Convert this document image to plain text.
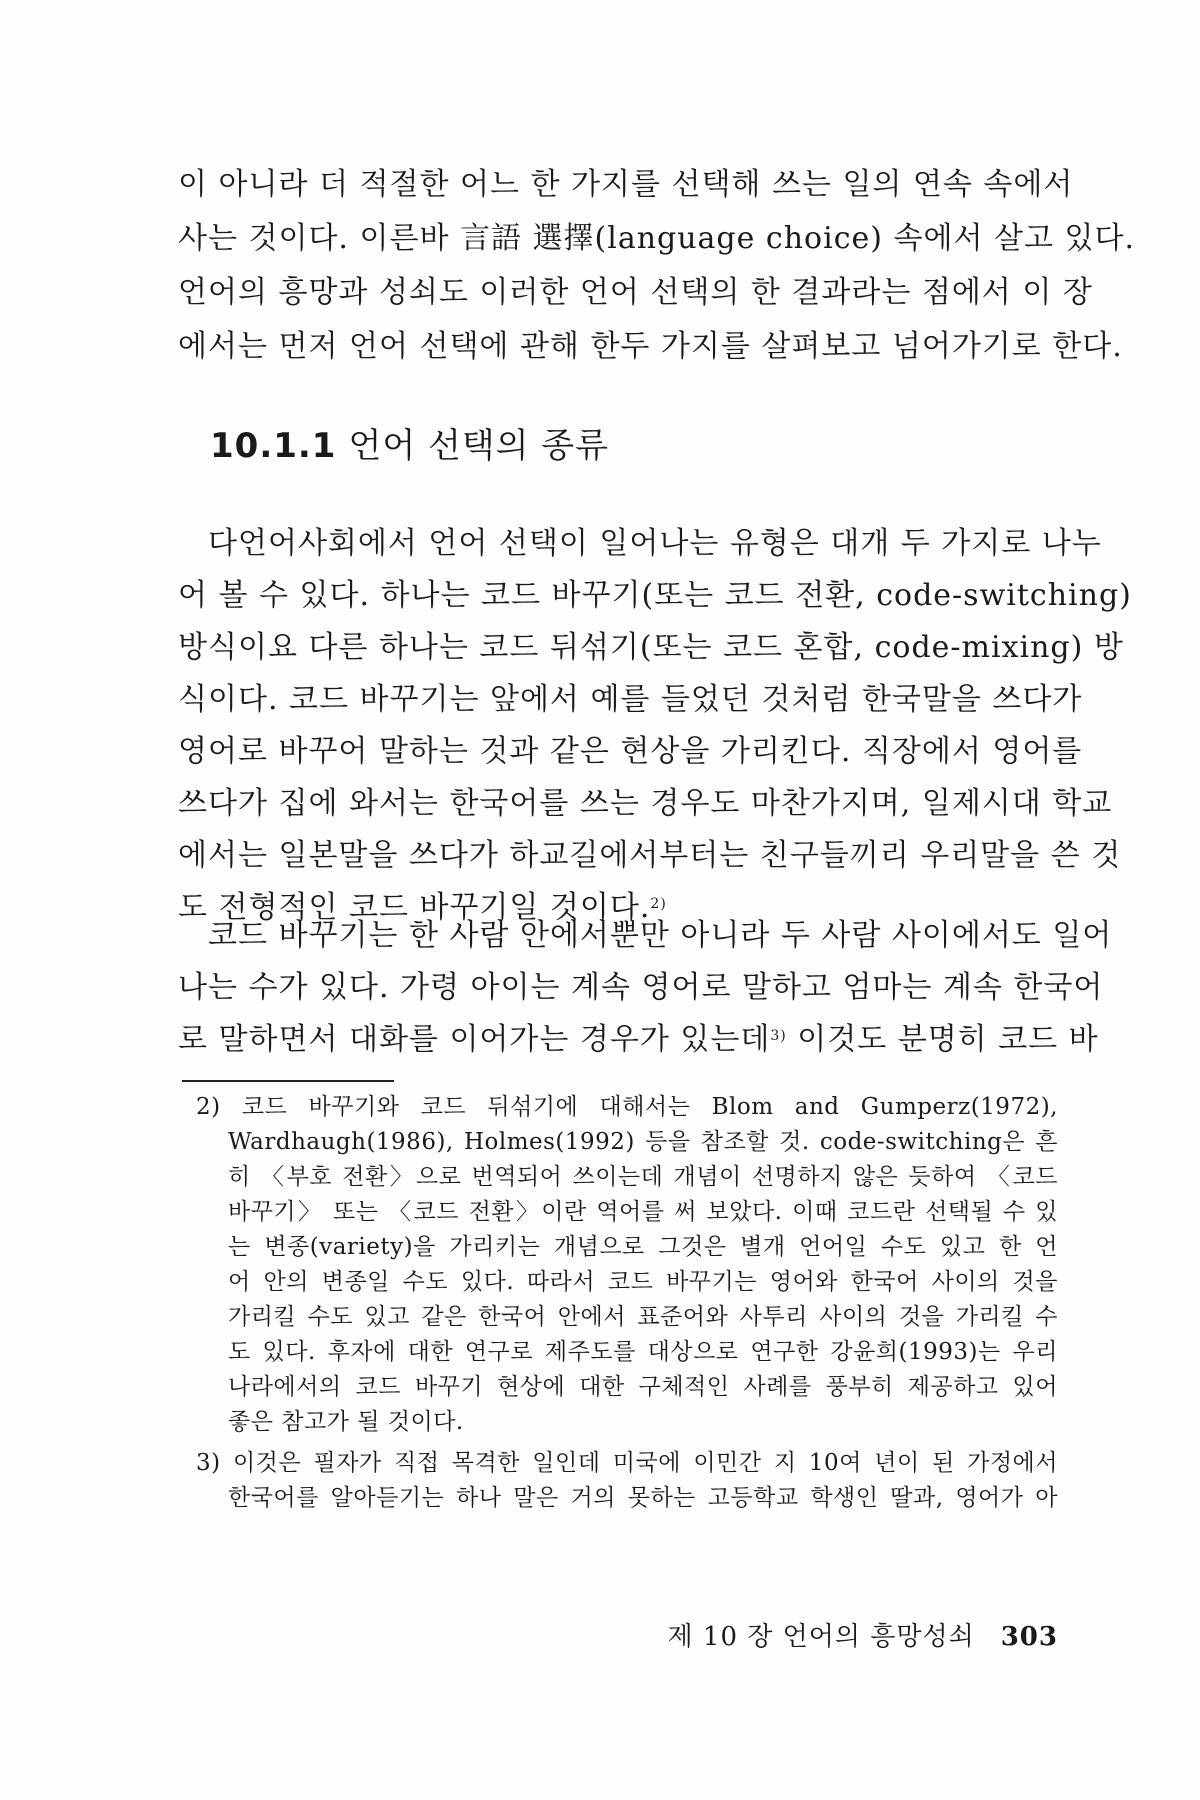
이 아니라 더 적절한 어느 한 가지를 선택해 쓰는 일의 연속 속에서
사는 것이다. 이른바 言語 選擇(language choice) 속에서 살고 있다.
언어의 흥망과 성쇠도 이러한 언어 선택의 한 결과라는 점에서 이 장
에서는 먼저 언어 선택에 관해 한두 가지를 살펴보고 넘어가기로 한다.
10.1.1 언어 선택의 종류
다언어사회에서 언어 선택이 일어나는 유형은 대개 두 가지로 나누
어 볼 수 있다. 하나는 코드 바꾸기(또는 코드 전환, code-switching)
방식이요 다른 하나는 코드 뒤섞기(또는 코드 혼합, code-mixing) 방
식이다. 코드 바꾸기는 앞에서 예를 들었던 것처럼 한국말을 쓰다가
영어로 바꾸어 말하는 것과 같은 현상을 가리킨다. 직장에서 영어를
쓰다가 집에 와서는 한국어를 쓰는 경우도 마찬가지며, 일제시대 학교
에서는 일본말을 쓰다가 하교길에서부터는 친구들끼리 우리말을 쓴 것
도 전형적인 코드 바꾸기일 것이다.$^{2)}$
코드 바꾸기는 한 사람 안에서뿐만 아니라 두 사람 사이에서도 일어
나는 수가 있다. 가령 아이는 계속 영어로 말하고 엄마는 계속 한국어
로 말하면서 대화를 이어가는 경우가 있는데$^{3)}$ 이것도 분명히 코드 바
2) 코드 바꾸기와 코드 뒤섞기에 대해서는 Blom and Gumperz(1972),
Wardhaugh(1986), Holmes(1992) 등을 참조할 것. code-switching은 흔
히 〈부호 전환〉으로 번역되어 쓰이는데 개념이 선명하지 않은 듯하여 〈코드
바꾸기〉 또는 〈코드 전환〉이란 역어를 써 보았다. 이때 코드란 선택될 수 있
는 변종(variety)을 가리키는 개념으로 그것은 별개 언어일 수도 있고 한 언
어 안의 변종일 수도 있다. 따라서 코드 바꾸기는 영어와 한국어 사이의 것을
가리킬 수도 있고 같은 한국어 안에서 표준어와 사투리 사이의 것을 가리킬 수
도 있다. 후자에 대한 연구로 제주도를 대상으로 연구한 강윤희(1993)는 우리
나라에서의 코드 바꾸기 현상에 대한 구체적인 사례를 풍부히 제공하고 있어
좋은 참고가 될 것이다.
3) 이것은 필자가 직접 목격한 일인데 미국에 이민간 지 10여 년이 된 가정에서
한국어를 알아듣기는 하나 말은 거의 못하는 고등학교 학생인 딸과, 영어가 아
제 10 장 언어의 흥망성쇠 303
